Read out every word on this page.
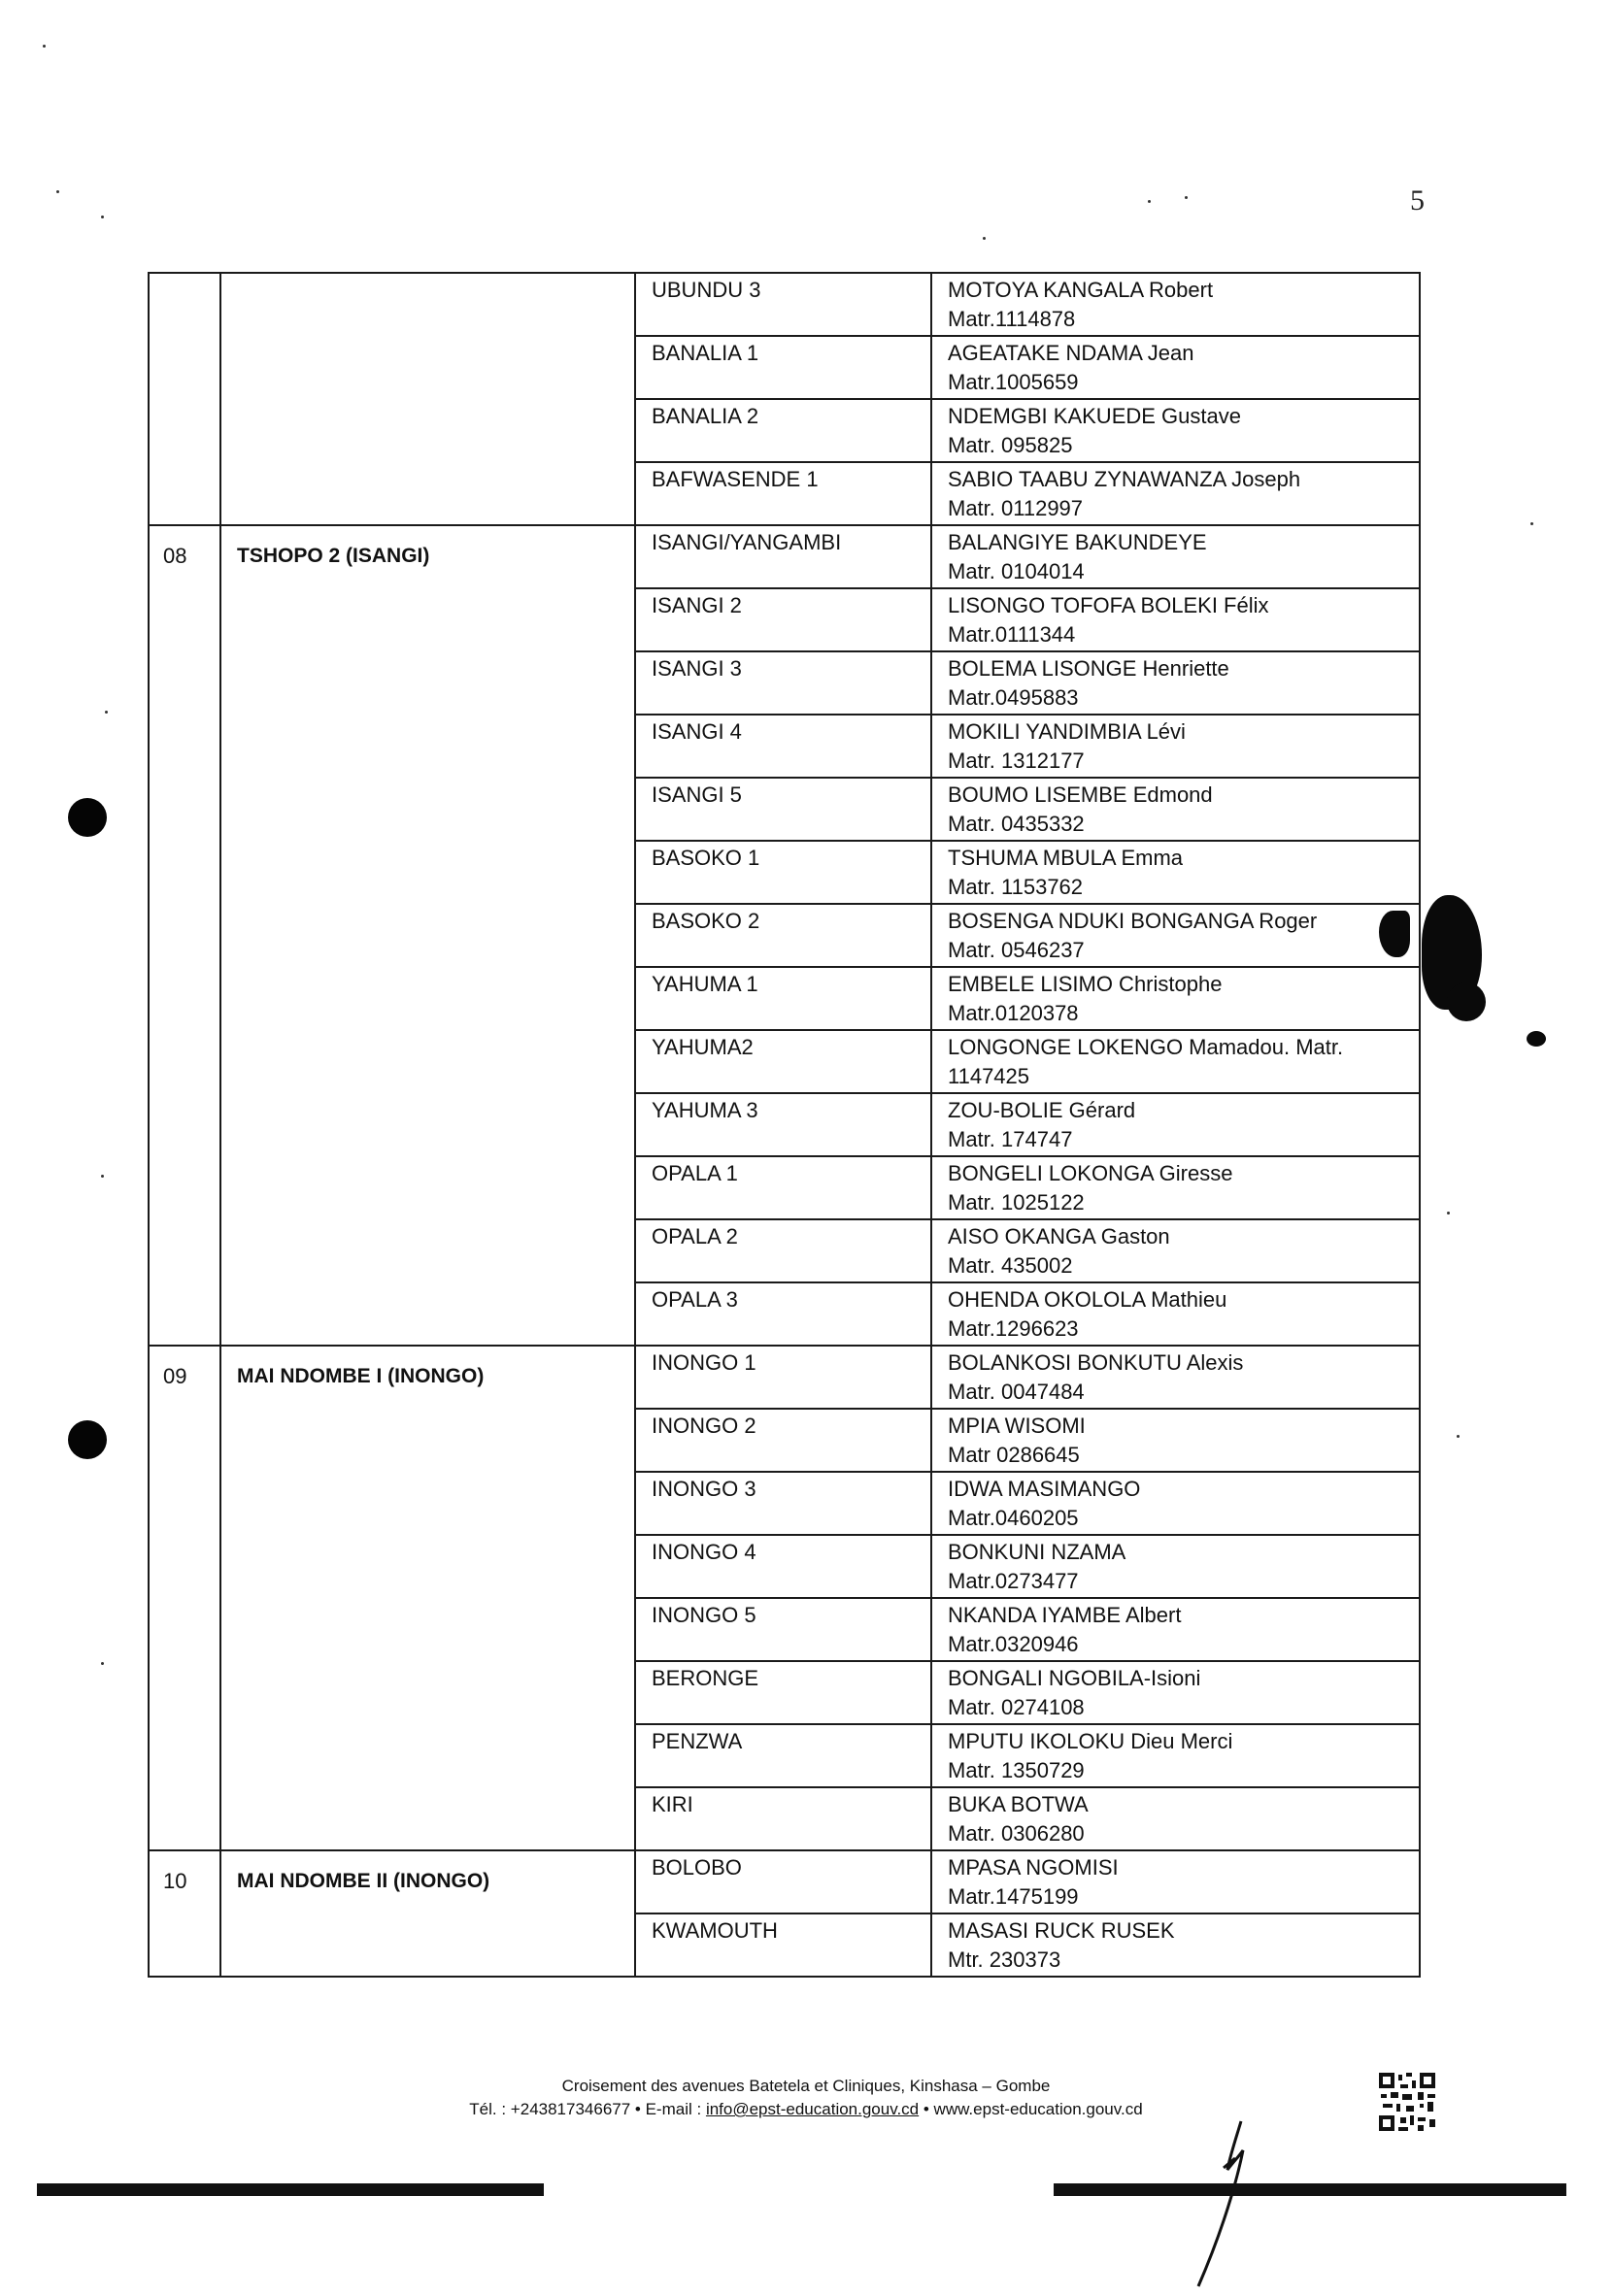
5
		UBUNDU 3	MOTOYA KANGALA Robert
Matr.1114878

		BANALIA 1	AGEATAKE NDAMA Jean
Matr.1005659

		BANALIA 2	NDEMGBI KAKUEDE Gustave
Matr. 095825

		BAFWASENDE 1	SABIO TAABU ZYNAWANZA Joseph
Matr. 0112997

08	TSHOPO 2 (ISANGI)	ISANGI/YANGAMBI	BALANGIYE BAKUNDEYE
Matr. 0104014

		ISANGI 2	LISONGO TOFOFA BOLEKI Félix
Matr.0111344

		ISANGI 3	BOLEMA LISONGE Henriette
Matr.0495883

		ISANGI 4	MOKILI YANDIMBIA Lévi
Matr. 1312177

		ISANGI 5	BOUMO LISEMBE Edmond
Matr. 0435332

		BASOKO 1	TSHUMA MBULA Emma
Matr. 1153762

		BASOKO 2	BOSENGA NDUKI BONGANGA Roger
Matr. 0546237

		YAHUMA 1	EMBELE LISIMO Christophe
Matr.0120378

		YAHUMA2	LONGONGE LOKENGO Mamadou. Matr.
1147425

		YAHUMA 3	ZOU-BOLIE Gérard
Matr. 174747

		OPALA 1	BONGELI LOKONGA Giresse
Matr. 1025122

		OPALA 2	AISO OKANGA Gaston
Matr. 435002

		OPALA 3	OHENDA OKOLOLA Mathieu
Matr.1296623

09	MAI NDOMBE I (INONGO)	INONGO 1	BOLANKOSI BONKUTU Alexis
Matr. 0047484

		INONGO 2	MPIA WISOMI
Matr 0286645

		INONGO 3	IDWA MASIMANGO
Matr.0460205

		INONGO 4	BONKUNI NZAMA
Matr.0273477

		INONGO 5	NKANDA IYAMBE Albert
Matr.0320946

		BERONGE	BONGALI NGOBILA-Isioni
Matr. 0274108

		PENZWA	MPUTU IKOLOKU Dieu Merci
Matr. 1350729

		KIRI	BUKA BOTWA
Matr. 0306280

10	MAI NDOMBE II (INONGO)	BOLOBO	MPASA NGOMISI
Matr.1475199

		KWAMOUTH	MASASI RUCK RUSEK
Mtr. 230373
Croisement des avenues Batetela et Cliniques, Kinshasa – Gombe
Tél. : +243817346677 • E-mail : info@epst-education.gouv.cd • www.epst-education.gouv.cd
